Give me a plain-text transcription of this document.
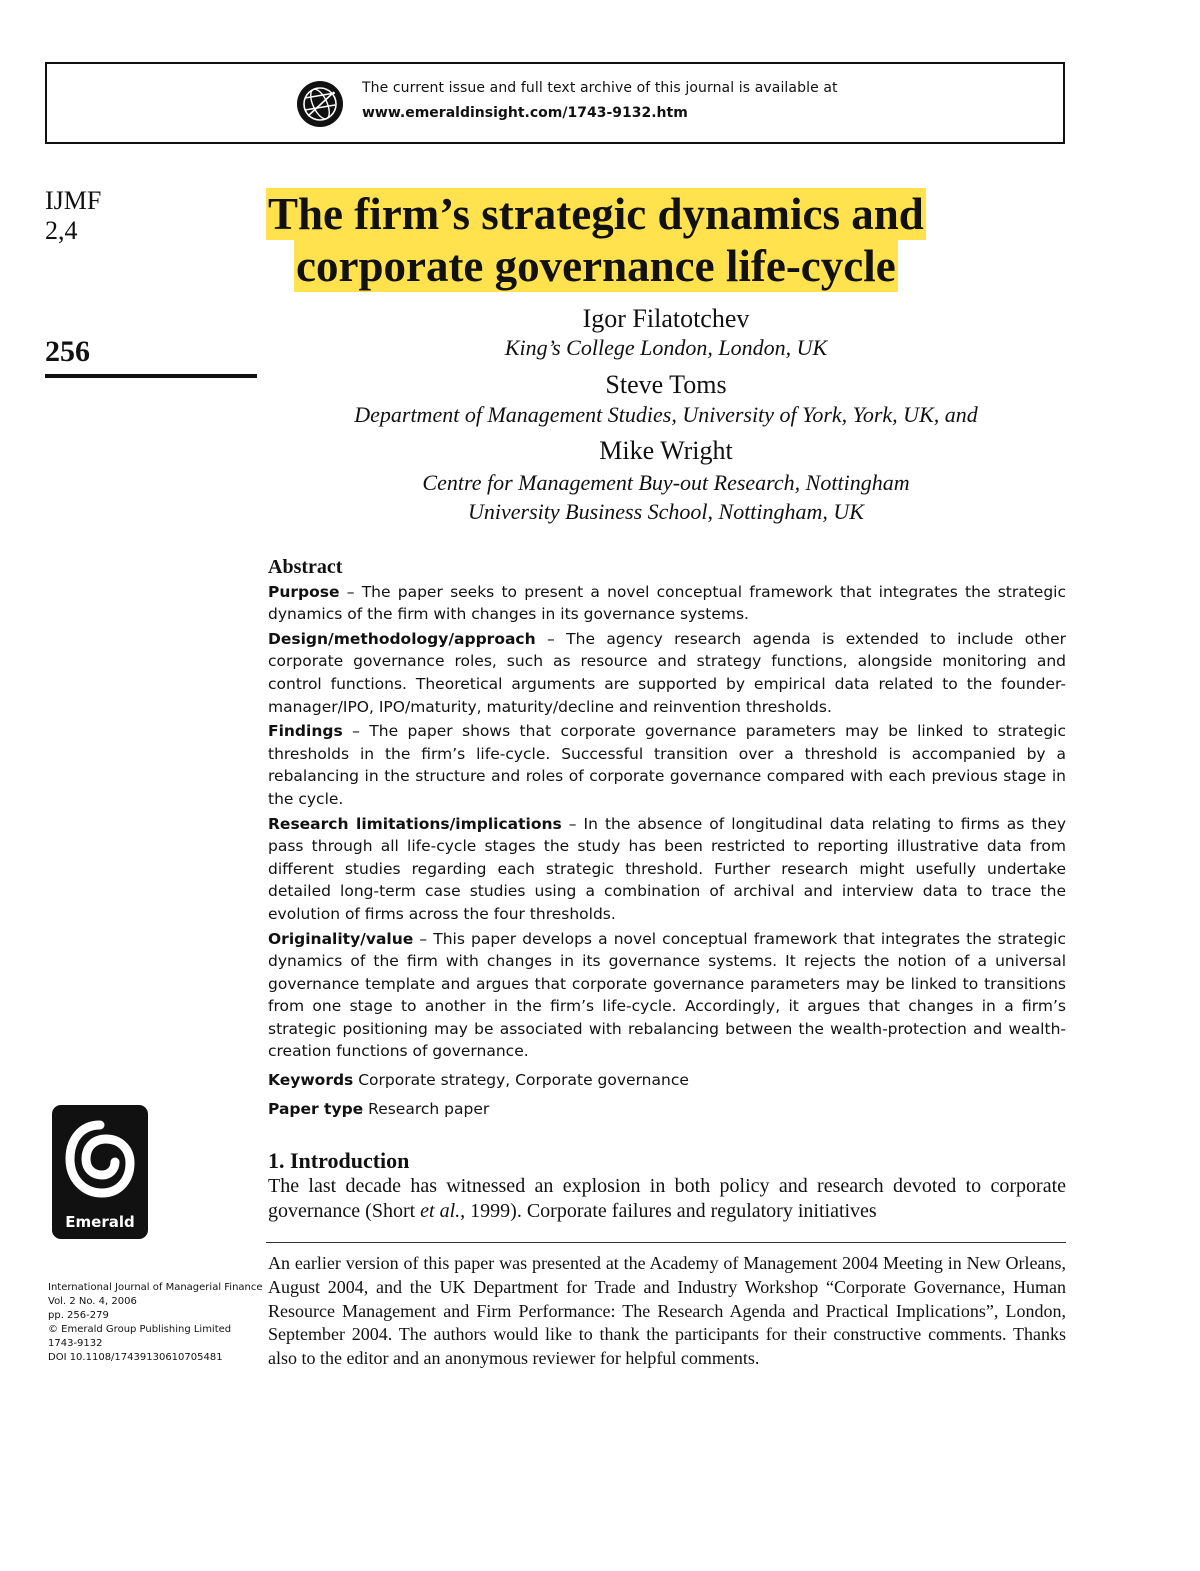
The current issue and full text archive of this journal is available at
www.emeraldinsight.com/1743-9132.htm
IJMF
2,4
256
The firm’s strategic dynamics and
corporate governance life-cycle
Igor Filatotchev
King’s College London, London, UK
Steve Toms
Department of Management Studies, University of York, York, UK, and
Mike Wright
Centre for Management Buy-out Research, Nottingham
University Business School, Nottingham, UK
Abstract

Purpose – The paper seeks to present a novel conceptual framework that integrates the strategic dynamics of the firm with changes in its governance systems.

Design/methodology/approach – The agency research agenda is extended to include other corporate governance roles, such as resource and strategy functions, alongside monitoring and control functions. Theoretical arguments are supported by empirical data related to the founder-manager/IPO, IPO/maturity, maturity/decline and reinvention thresholds.

Findings – The paper shows that corporate governance parameters may be linked to strategic thresholds in the firm’s life-cycle. Successful transition over a threshold is accompanied by a rebalancing in the structure and roles of corporate governance compared with each previous stage in the cycle.

Research limitations/implications – In the absence of longitudinal data relating to firms as they pass through all life-cycle stages the study has been restricted to reporting illustrative data from different studies regarding each strategic threshold. Further research might usefully undertake detailed long-term case studies using a combination of archival and interview data to trace the evolution of firms across the four thresholds.

Originality/value – This paper develops a novel conceptual framework that integrates the strategic dynamics of the firm with changes in its governance systems. It rejects the notion of a universal governance template and argues that corporate governance parameters may be linked to transitions from one stage to another in the firm’s life-cycle. Accordingly, it argues that changes in a firm’s strategic positioning may be associated with rebalancing between the wealth-protection and wealth-creation functions of governance.

Keywords Corporate strategy, Corporate governance
Paper type Research paper
Emerald
1. Introduction
The last decade has witnessed an explosion in both policy and research devoted to corporate governance (Short et al., 1999). Corporate failures and regulatory initiatives
An earlier version of this paper was presented at the Academy of Management 2004 Meeting in New Orleans, August 2004, and the UK Department for Trade and Industry Workshop “Corporate Governance, Human Resource Management and Firm Performance: The Research Agenda and Practical Implications”, London, September 2004. The authors would like to thank the participants for their constructive comments. Thanks also to the editor and an anonymous reviewer for helpful comments.
International Journal of Managerial Finance
Vol. 2 No. 4, 2006
pp. 256-279
© Emerald Group Publishing Limited
1743-9132
DOI 10.1108/17439130610705481
